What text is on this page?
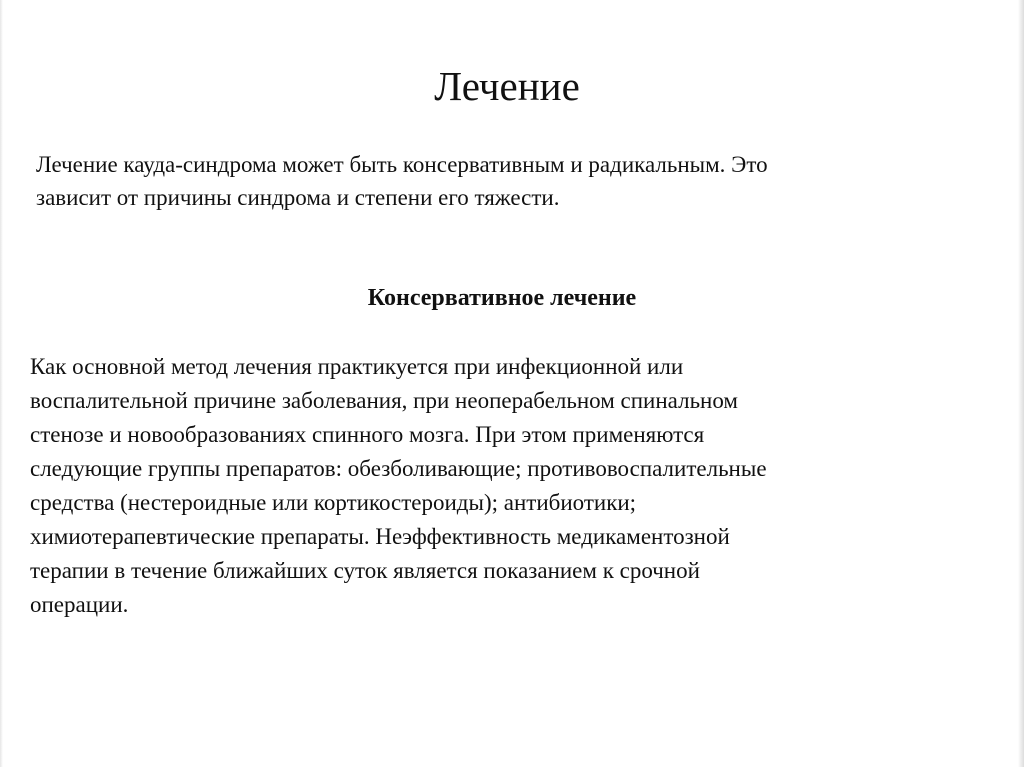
Лечение
Лечение кауда-синдрома может быть консервативным и радикальным. Это
зависит от причины синдрома и степени его тяжести.
Консервативное лечение
Как основной метод лечения практикуется при инфекционной или
воспалительной причине заболевания, при неоперабельном спинальном
стенозе и новообразованиях спинного мозга. При этом применяются
следующие группы препаратов: обезболивающие; противовоспалительные
средства (нестероидные или кортикостероиды); антибиотики;
химиотерапевтические препараты. Неэффективность медикаментозной
терапии в течение ближайших суток является показанием к срочной
операции.
